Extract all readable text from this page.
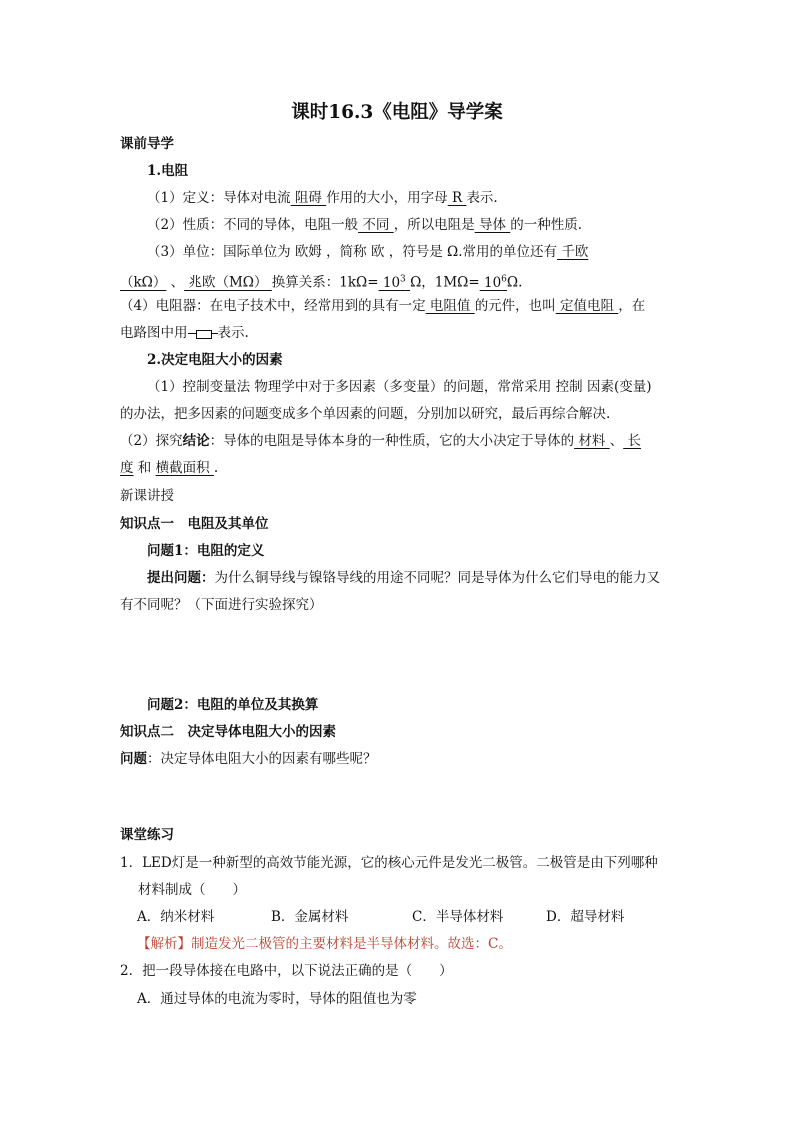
课时16.3《电阻》导学案
课前导学
1.电阻
（1）定义：导体对电流 阻碍 作用的大小，用字母 R 表示.
（2）性质：不同的导体，电阻一般 不同 ，所以电阻是 导体 的一种性质.
（3）单位：国际单位为 欧姆 ，简称 欧 ，符号是 Ω.常用的单位还有 千欧
（kΩ） 、 兆欧（MΩ） 换算关系：$1k\Omega= 10^3$ Ω，$1M\Omega= 10^6\Omega$.
（4）电阻器：在电子技术中，经常用到的具有一定 电阻值 的元件，也叫 定值电阻 ，在
电路图中用 表示.
2.决定电阻大小的因素
（1）控制变量法 物理学中对于多因素（多变量）的问题，常常采用 控制 因素(变量)
的办法，把多因素的问题变成多个单因素的问题，分别加以研究，最后再综合解决.
（2）探究结论：导体的电阻是导体本身的一种性质，它的大小决定于导体的 材料 、 长
度 和 横截面积 .
新课讲授
知识点一　电阻及其单位
问题1：电阻的定义
提出问题：为什么铜导线与镍铬导线的用途不同呢？同是导体为什么它们导电的能力又
有不同呢？（下面进行实验探究）
问题2：电阻的单位及其换算
知识点二　决定导体电阻大小的因素
问题：决定导体电阻大小的因素有哪些呢？
课堂练习
1．LED灯是一种新型的高效节能光源，它的核心元件是发光二极管。二极管是由下列哪种
材料制成（　　）
A．纳米材料	B．金属材料	C．半导体材料	D．超导材料
【解析】制造发光二极管的主要材料是半导体材料。故选：C。
2．把一段导体接在电路中，以下说法正确的是（　　）
A．通过导体的电流为零时，导体的阻值也为零
